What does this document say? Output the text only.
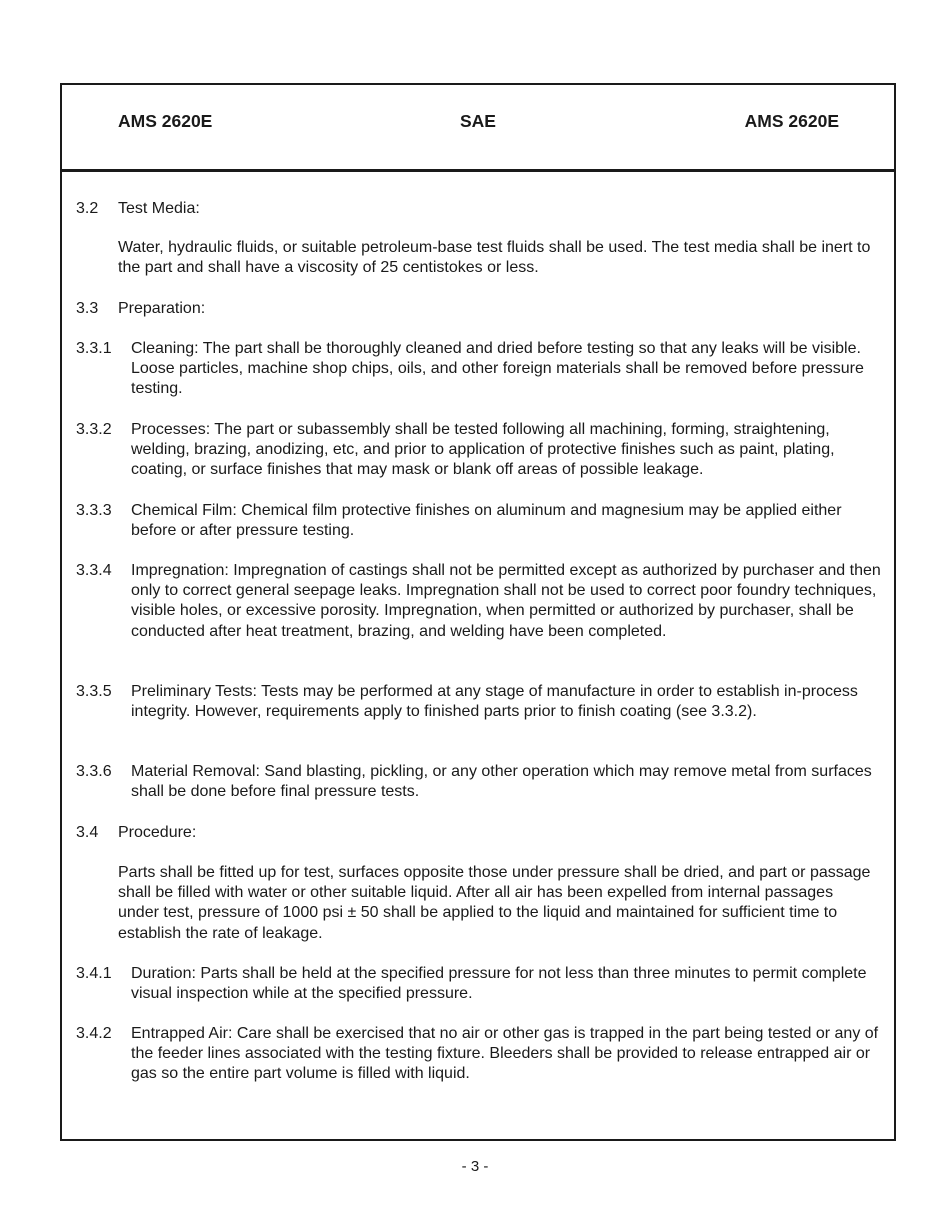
AMS 2620E	SAE	AMS 2620E
3.2 Test Media:
Water, hydraulic fluids, or suitable petroleum-base test fluids shall be used. The test media shall be inert to the part and shall have a viscosity of 25 centistokes or less.
3.3 Preparation:
3.3.1 Cleaning: The part shall be thoroughly cleaned and dried before testing so that any leaks will be visible. Loose particles, machine shop chips, oils, and other foreign materials shall be removed before pressure testing.
3.3.2 Processes: The part or subassembly shall be tested following all machining, forming, straightening, welding, brazing, anodizing, etc, and prior to application of protective finishes such as paint, plating, coating, or surface finishes that may mask or blank off areas of possible leakage.
3.3.3 Chemical Film: Chemical film protective finishes on aluminum and magnesium may be applied either before or after pressure testing.
3.3.4 Impregnation: Impregnation of castings shall not be permitted except as authorized by purchaser and then only to correct general seepage leaks. Impregnation shall not be used to correct poor foundry techniques, visible holes, or excessive porosity. Impregnation, when permitted or authorized by purchaser, shall be conducted after heat treatment, brazing, and welding have been completed.
3.3.5 Preliminary Tests: Tests may be performed at any stage of manufacture in order to establish in-process integrity. However, requirements apply to finished parts prior to finish coating (see 3.3.2).
3.3.6 Material Removal: Sand blasting, pickling, or any other operation which may remove metal from surfaces shall be done before final pressure tests.
3.4 Procedure:
Parts shall be fitted up for test, surfaces opposite those under pressure shall be dried, and part or passage shall be filled with water or other suitable liquid. After all air has been expelled from internal passages under test, pressure of 1000 psi ± 50 shall be applied to the liquid and maintained for sufficient time to establish the rate of leakage.
3.4.1 Duration: Parts shall be held at the specified pressure for not less than three minutes to permit complete visual inspection while at the specified pressure.
3.4.2 Entrapped Air: Care shall be exercised that no air or other gas is trapped in the part being tested or any of the feeder lines associated with the testing fixture. Bleeders shall be provided to release entrapped air or gas so the entire part volume is filled with liquid.
- 3 -
